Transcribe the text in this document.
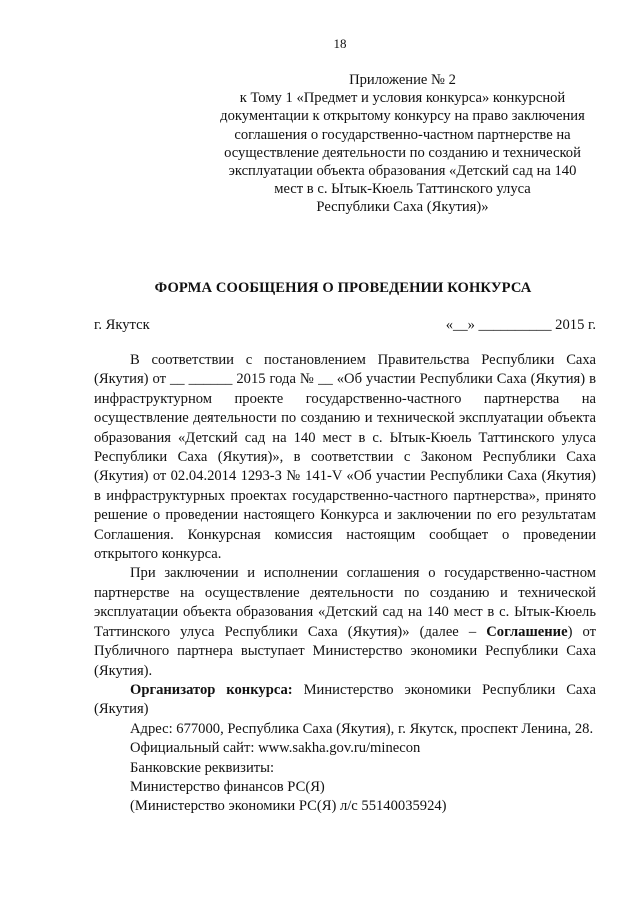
18
Приложение № 2
к Тому 1 «Предмет и условия конкурса» конкурсной
документации к открытому конкурсу на право заключения
соглашения о государственно-частном партнерстве на
осуществление деятельности по созданию и технической
эксплуатации объекта образования «Детский сад на 140
мест в с. Ытык-Кюель Таттинского улуса
Республики Саха (Якутия)»
ФОРМА СООБЩЕНИЯ О ПРОВЕДЕНИИ КОНКУРСА
г. Якутск	«__» __________ 2015 г.

В соответствии с постановлением Правительства Республики Саха (Якутия) от __ ______ 2015 года № __ «Об участии Республики Саха (Якутия) в инфраструктурном проекте государственно-частного партнерства на осуществление деятельности по созданию и технической эксплуатации объекта образования «Детский сад на 140 мест в с. Ытык-Кюель Таттинского улуса Республики Саха (Якутия)», в соответствии с Законом Республики Саха (Якутия) от 02.04.2014 1293-З № 141-V «Об участии Республики Саха (Якутия) в инфраструктурных проектах государственно-частного партнерства», принято решение о проведении настоящего Конкурса и заключении по его результатам Соглашения. Конкурсная комиссия настоящим сообщает о проведении открытого конкурса.

При заключении и исполнении соглашения о государственно-частном партнерстве на осуществление деятельности по созданию и технической эксплуатации объекта образования «Детский сад на 140 мест в с. Ытык-Кюель Таттинского улуса Республики Саха (Якутия)» (далее – Соглашение) от Публичного партнера выступает Министерство экономики Республики Саха (Якутия).

Организатор конкурса: Министерство экономики Республики Саха (Якутия)

Адрес: 677000, Республика Саха (Якутия), г. Якутск, проспект Ленина, 28.

Официальный сайт: www.sakha.gov.ru/minecon
Банковские реквизиты:
Министерство финансов РС(Я)
(Министерство экономики РС(Я) л/с 55140035924)
